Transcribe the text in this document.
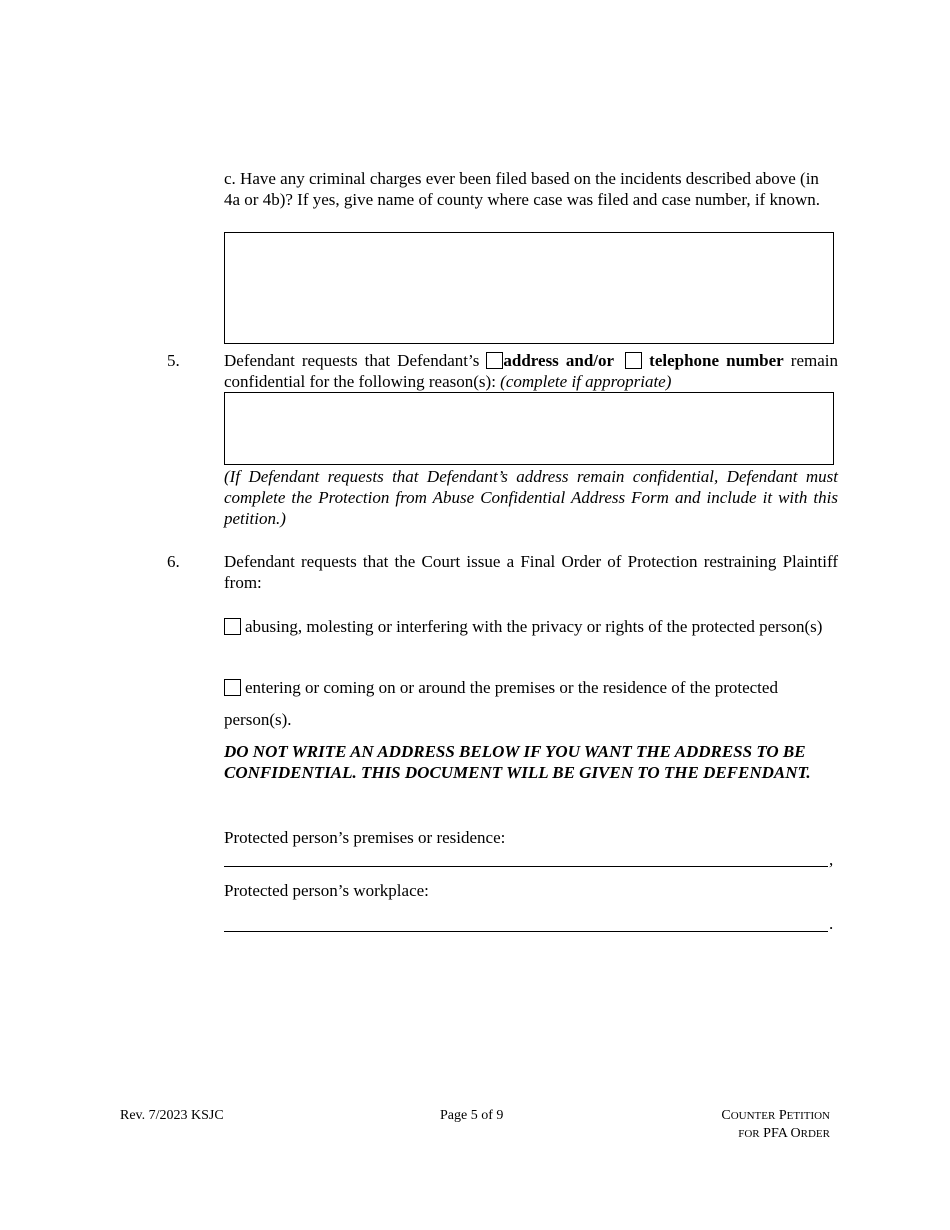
c. Have any criminal charges ever been filed based on the incidents described above (in 4a or 4b)? If yes, give name of county where case was filed and case number, if known.
5.	Defendant requests that Defendant’s address and/or telephone number remain confidential for the following reason(s): (complete if appropriate)
(If Defendant requests that Defendant’s address remain confidential, Defendant must complete the Protection from Abuse Confidential Address Form and include it with this petition.)
6.	Defendant requests that the Court issue a Final Order of Protection restraining Plaintiff from:
abusing, molesting or interfering with the privacy or rights of the protected person(s)
entering or coming on or around the premises or the residence of the protected
person(s).
DO NOT WRITE AN ADDRESS BELOW IF YOU WANT THE ADDRESS TO BE CONFIDENTIAL. THIS DOCUMENT WILL BE GIVEN TO THE DEFENDANT.
Protected person’s premises or residence:
,
Protected person’s workplace:
.
Rev. 7/2023 KSJC	Page 5 of 9	COUNTER PETITION
FOR PFA ORDER
